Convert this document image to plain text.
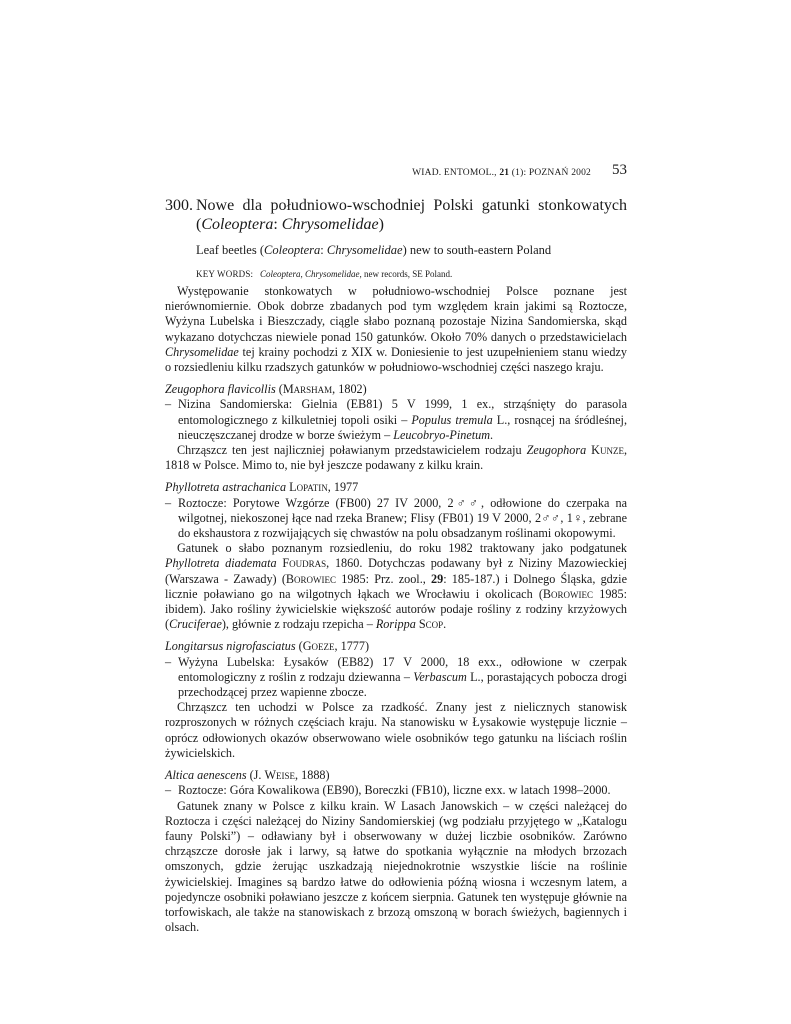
WIAD. ENTOMOL., 21 (1): POZNAŃ 2002 53
300. Nowe dla południowo-wschodniej Polski gatunki stonkowatych (Coleoptera: Chrysomelidae)
Leaf beetles (Coleoptera: Chrysomelidae) new to south-eastern Poland
KEY WORDS: Coleoptera, Chrysomelidae, new records, SE Poland.

Występowanie stonkowatych w południowo-wschodniej Polsce poznane jest nierównomiernie. Obok dobrze zbadanych pod tym względem krain jakimi są Roztocze, Wyżyna Lubelska i Bieszczady, ciągle słabo poznaną pozostaje Nizina Sandomierska, skąd wykazano dotychczas niewiele ponad 150 gatunków. Około 70% danych o przedstawicielach Chrysomelidae tej krainy pochodzi z XIX w. Doniesienie to jest uzupełnieniem stanu wiedzy o rozsiedleniu kilku rzadszych gatunków w południowo-wschodniej części naszego kraju.

Zeugophora flavicollis (Marsham, 1802)
– Nizina Sandomierska: Gielnia (EB81) 5 V 1999, 1 ex., strząśnięty do parasola entomologicznego z kilkuletniej topoli osiki – Populus tremula L., rosnącej na śródleśnej, nieuczęszczanej drodze w borze świeżym – Leucobryo-Pinetum.

Chrząszcz ten jest najliczniej poławianym przedstawicielem rodzaju Zeugophora Kunze, 1818 w Polsce. Mimo to, nie był jeszcze podawany z kilku krain.

Phyllotreta astrachanica Lopatin, 1977
– Roztocze: Porytowe Wzgórze (FB00) 27 IV 2000, 2♂♂, odłowione do czerpaka na wilgotnej, niekoszonej łące nad rzeka Branew; Flisy (FB01) 19 V 2000, 2♂♂, 1♀, zebrane do ekshaustora z rozwijających się chwastów na polu obsadzanym roślinami okopowymi.

Gatunek o słabo poznanym rozsiedleniu, do roku 1982 traktowany jako podgatunek Phyllotreta diademata Foudras, 1860. Dotychczas podawany był z Niziny Mazowieckiej (Warszawa - Zawady) (Borowiec 1985: Prz. zool., 29: 185-187.) i Dolnego Śląska, gdzie licznie poławiano go na wilgotnych łąkach we Wrocławiu i okolicach (Borowiec 1985: ibidem). Jako rośliny żywicielskie większość autorów podaje rośliny z rodziny krzyżowych (Cruciferae), głównie z rodzaju rzepicha – Rorippa Scop.

Longitarsus nigrofasciatus (Goeze, 1777)
– Wyżyna Lubelska: Łysaków (EB82) 17 V 2000, 18 exx., odłowione w czerpak entomologiczny z roślin z rodzaju dziewanna – Verbascum L., porastających pobocza drogi przechodzącej przez wapienne zbocze.

Chrząszcz ten uchodzi w Polsce za rzadkość. Znany jest z nielicznych stanowisk rozproszonych w różnych częściach kraju. Na stanowisku w Łysakowie występuje licznie – oprócz odłowionych okazów obserwowano wiele osobników tego gatunku na liściach roślin żywicielskich.

Altica aenescens (J. Weise, 1888)
– Roztocze: Góra Kowalikowa (EB90), Boreczki (FB10), liczne exx. w latach 1998–2000.

Gatunek znany w Polsce z kilku krain. W Lasach Janowskich – w części należącej do Roztocza i części należącej do Niziny Sandomierskiej (wg podziału przyjętego w „Katalogu fauny Polski”) – odławiany był i obserwowany w dużej liczbie osobników. Zarówno chrząszcze dorosłe jak i larwy, są łatwe do spotkania wyłącznie na młodych brzozach omszonych, gdzie żerując uszkadzają niejednokrotnie wszystkie liście na roślinie żywicielskiej. Imagines są bardzo łatwe do odłowienia późną wiosna i wczesnym latem, a pojedyncze osobniki poławiano jeszcze z końcem sierpnia. Gatunek ten występuje głównie na torfowiskach, ale także na stanowiskach z brzozą omszoną w borach świeżych, bagiennych i olsach.
